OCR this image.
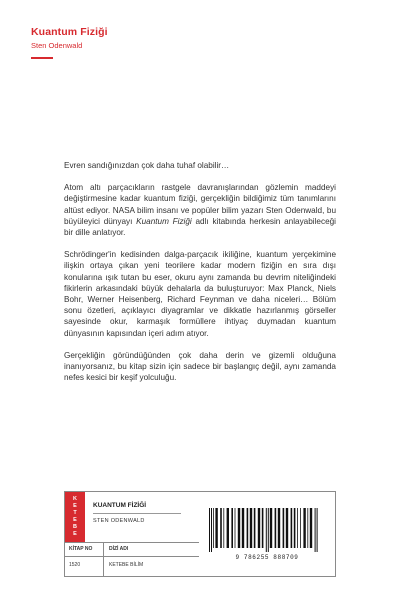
Kuantum Fiziği
Sten Odenwald

Evren sandığınızdan çok daha tuhaf olabilir…

Atom altı parçacıkların rastgele davranışlarından gözlemin maddeyi değiştirmesine kadar kuantum fiziği, gerçekliğin bildiğimiz tüm tanımlarını altüst ediyor. NASA bilim insanı ve popüler bilim yazarı Sten Odenwald, bu büyüleyici dünyayı Kuantum Fiziği adlı kitabında herkesin anlayabileceği bir dille anlatıyor.

Schrödinger'in kedisinden dalga-parçacık ikiliğine, kuantum yerçekimine ilişkin ortaya çıkan yeni teorilere kadar modern fiziğin en sıra dışı konularına ışık tutan bu eser, okuru aynı zamanda bu devrim niteliğindeki fikirlerin arkasındaki büyük dehalarla da buluşturuyor: Max Planck, Niels Bohr, Werner Heisenberg, Richard Feynman ve daha niceleri… Bölüm sonu özetleri, açıklayıcı diyagramlar ve dikkatle hazırlanmış görseller sayesinde okur, karmaşık formüllere ihtiyaç duymadan kuantum dünyasının kapısından içeri adım atıyor.

Gerçekliğin göründüğünden çok daha derin ve gizemli olduğuna inanıyorsanız, bu kitap sizin için sadece bir başlangıç değil, aynı zamanda nefes kesici bir keşif yolculuğu.

K
E
T
E
B
E
KUANTUM FİZİĞİ
STEN ODENWALD
KİTAP NO	DİZİ ADI
1520	KETEBE BİLİM
9 786255 888709
